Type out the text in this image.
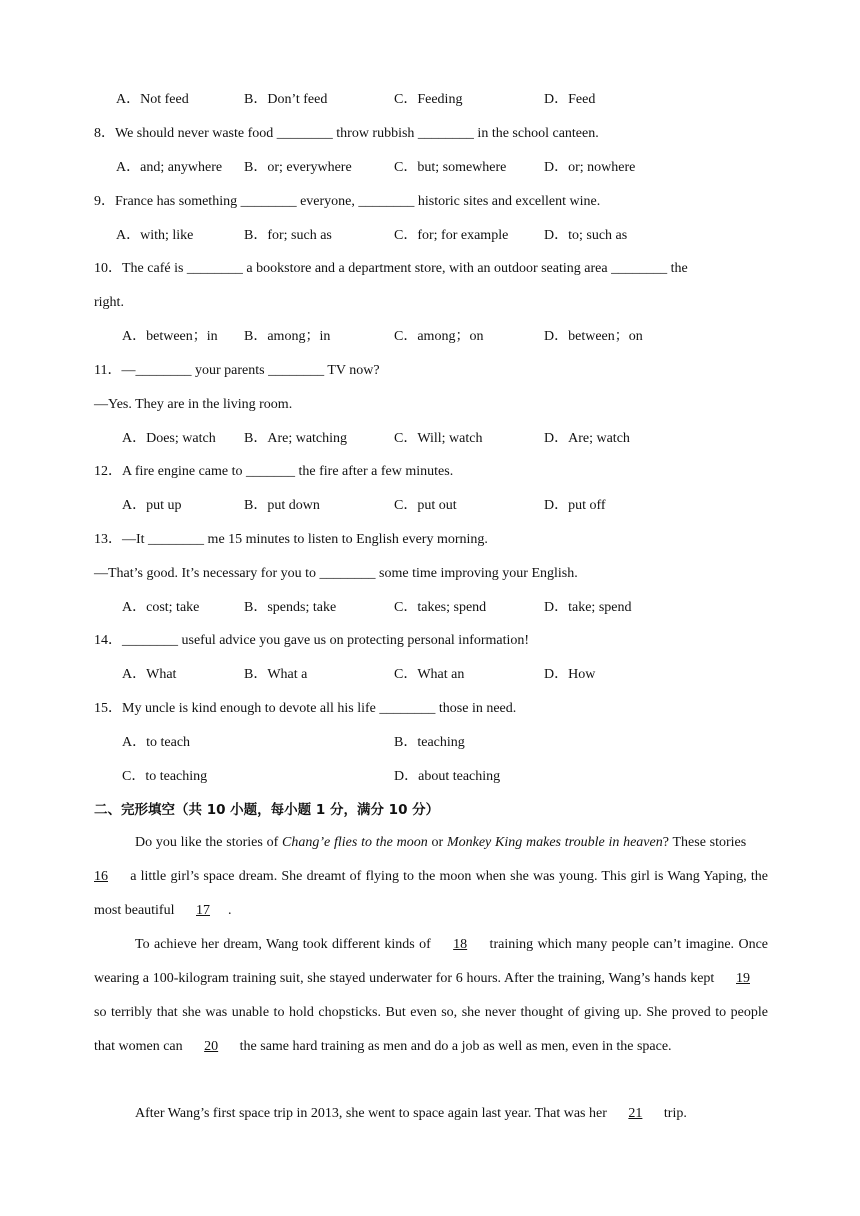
A．Not feed	B．Don’t feed	C．Feeding	D．Feed
8．We should never waste food ________ throw rubbish ________ in the school canteen.
A．and; anywhere B．or; everywhere	C．but; somewhere	D．or; nowhere
9．France has something ________ everyone, ________ historic sites and excellent wine.
A．with; like	B．for; such as	C．for; for example	D．to; such as
10．The café is ________ a bookstore and a department store, with an outdoor seating area ________ the
right.
A．between；in B．among；in	C．among；on	D．between；on
11．—________ your parents ________ TV now?
—Yes. They are in the living room.
A．Does; watch B．Are; watching	C．Will; watch	D．Are; watch
12．A fire engine came to _______ the fire after a few minutes.
A．put up	B．put down	C．put out	D．put off
13．—It ________ me 15 minutes to listen to English every morning.
—That’s good. It’s necessary for you to ________ some time improving your English.
A．cost; take	B．spends; take	C．takes; spend	D．take; spend
14．________ useful advice you gave us on protecting personal information!
A．What	B．What a	C．What an	D．How
15．My uncle is kind enough to devote all his life ________ those in need.
A．to teach	B．teaching
C．to teaching	D．about teaching
二、完形填空（共 10 小题，每小题 1 分，满分 10 分）
Do you like the stories of Chang’e flies to the moon or Monkey King makes trouble in heaven? These stories 16 a little girl’s space dream. She dreamt of flying to the moon when she was young. This girl is Wang Yaping, the most beautiful 17 .
To achieve her dream, Wang took different kinds of 18 training which many people can’t imagine. Once wearing a 100-kilogram training suit, she stayed underwater for 6 hours. After the training, Wang’s hands kept 19 so terribly that she was unable to hold chopsticks. But even so, she never thought of giving up. She proved to people that women can 20 the same hard training as men and do a job as well as men, even in the space.
After Wang’s first space trip in 2013, she went to space again last year. That was her 21 trip.
